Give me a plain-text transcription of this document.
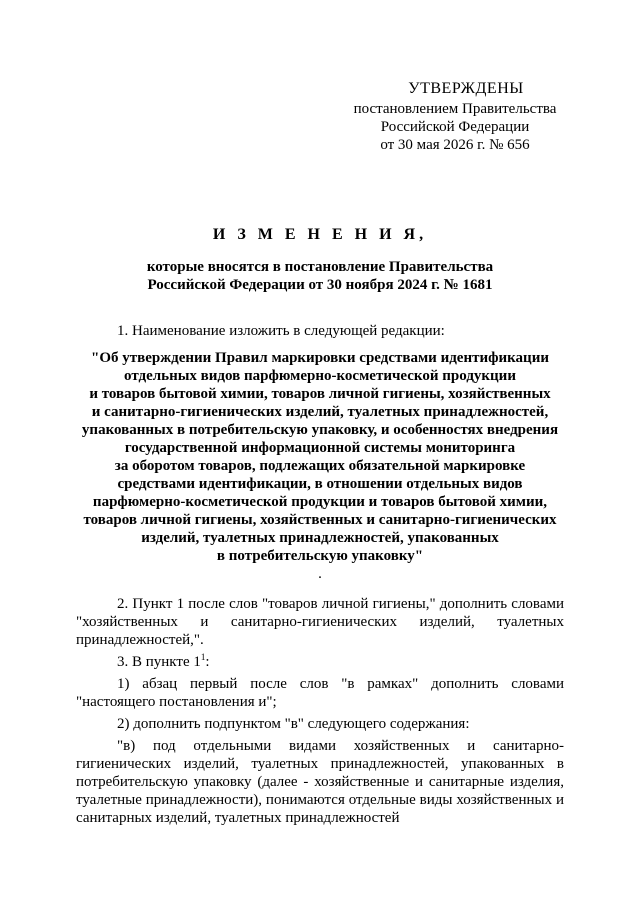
УТВЕРЖДЕНЫ
постановлением Правительства
Российской Федерации
от 30 мая 2026 г. № 656
И З М Е Н Е Н И Я,
которые вносятся в постановление Правительства
Российской Федерации от 30 ноября 2024 г. № 1681

1. Наименование изложить в следующей редакции:

"Об утверждении Правил маркировки средствами идентификации
отдельных видов парфюмерно-косметической продукции
и товаров бытовой химии, товаров личной гигиены, хозяйственных
и санитарно-гигиенических изделий, туалетных принадлежностей,
упакованных в потребительскую упаковку, и особенностях внедрения
государственной информационной системы мониторинга
за оборотом товаров, подлежащих обязательной маркировке
средствами идентификации, в отношении отдельных видов
парфюмерно-косметической продукции и товаров бытовой химии,
товаров личной гигиены, хозяйственных и санитарно-гигиенических
изделий, туалетных принадлежностей, упакованных
в потребительскую упаковку"
.

2. Пункт 1 после слов "товаров личной гигиены," дополнить словами "хозяйственных и санитарно-гигиенических изделий, туалетных принадлежностей,".

3. В пункте $1^1$:

1) абзац первый после слов "в рамках" дополнить словами "настоящего постановления и";

2) дополнить подпунктом "в" следующего содержания:

"в) под отдельными видами хозяйственных и санитарно-гигиенических изделий, туалетных принадлежностей, упакованных в потребительскую упаковку (далее - хозяйственные и санитарные изделия, туалетные принадлежности), понимаются отдельные виды хозяйственных и санитарных изделий, туалетных принадлежностей
